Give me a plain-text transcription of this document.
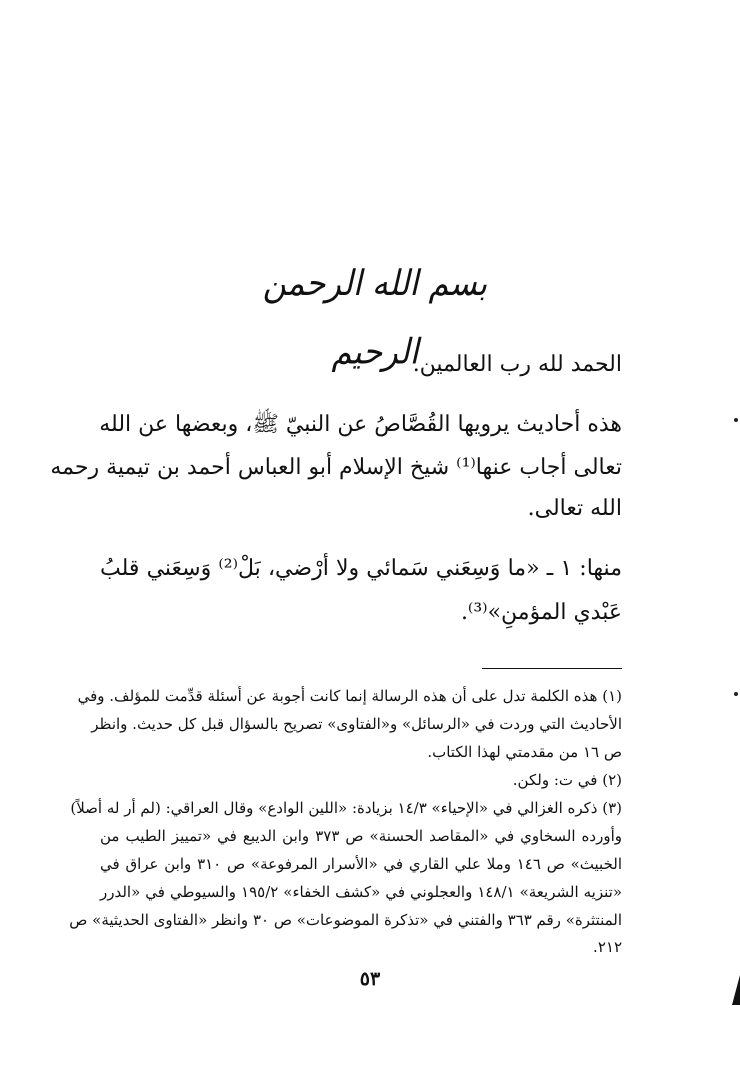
بسم الله الرحمن الرحيم
الحمد لله رب العالمين.
هذه أحاديث يرويها القُصَّاصُ عن النبيّ ﷺ، وبعضها عن الله
تعالى أجاب عنها⁽¹⁾ شيخ الإسلام أبو العباس أحمد بن تيمية رحمه
الله تعالى.
منها: ١ ـ «ما وَسِعَني سَمائي ولا أرْضي، بَلْ⁽²⁾ وَسِعَني قلبُ
عَبْدي المؤمنِ»⁽³⁾.
(١) هذه الكلمة تدل على أن هذه الرسالة إنما كانت أجوبة عن أسئلة قدِّمت للمؤلف. وفي
الأحاديث التي وردت في «الرسائل» و«الفتاوى» تصريح بالسؤال قبل كل حديث. وانظر
ص ١٦ من مقدمتي لهذا الكتاب.
(٢) في ت: ولكن.
(٣) ذكره الغزالي في «الإحياء» ١٤/٣ بزيادة: «اللين الوادع» وقال العراقي: (لم أر له أصلاً)
وأورده السخاوي في «المقاصد الحسنة» ص ٣٧٣ وابن الديبع في «تمييز الطيب من
الخبيث» ص ١٤٦ وملا علي القاري في «الأسرار المرفوعة» ص ٣١٠ وابن عراق في
«تنزيه الشريعة» ١٤٨/١ والعجلوني في «كشف الخفاء» ١٩٥/٢ والسيوطي في «الدرر
المنتثرة» رقم ٣٦٣ والفتني في «تذكرة الموضوعات» ص ٣٠ وانظر «الفتاوى الحديثية» ص
٢١٢.
٥٣
